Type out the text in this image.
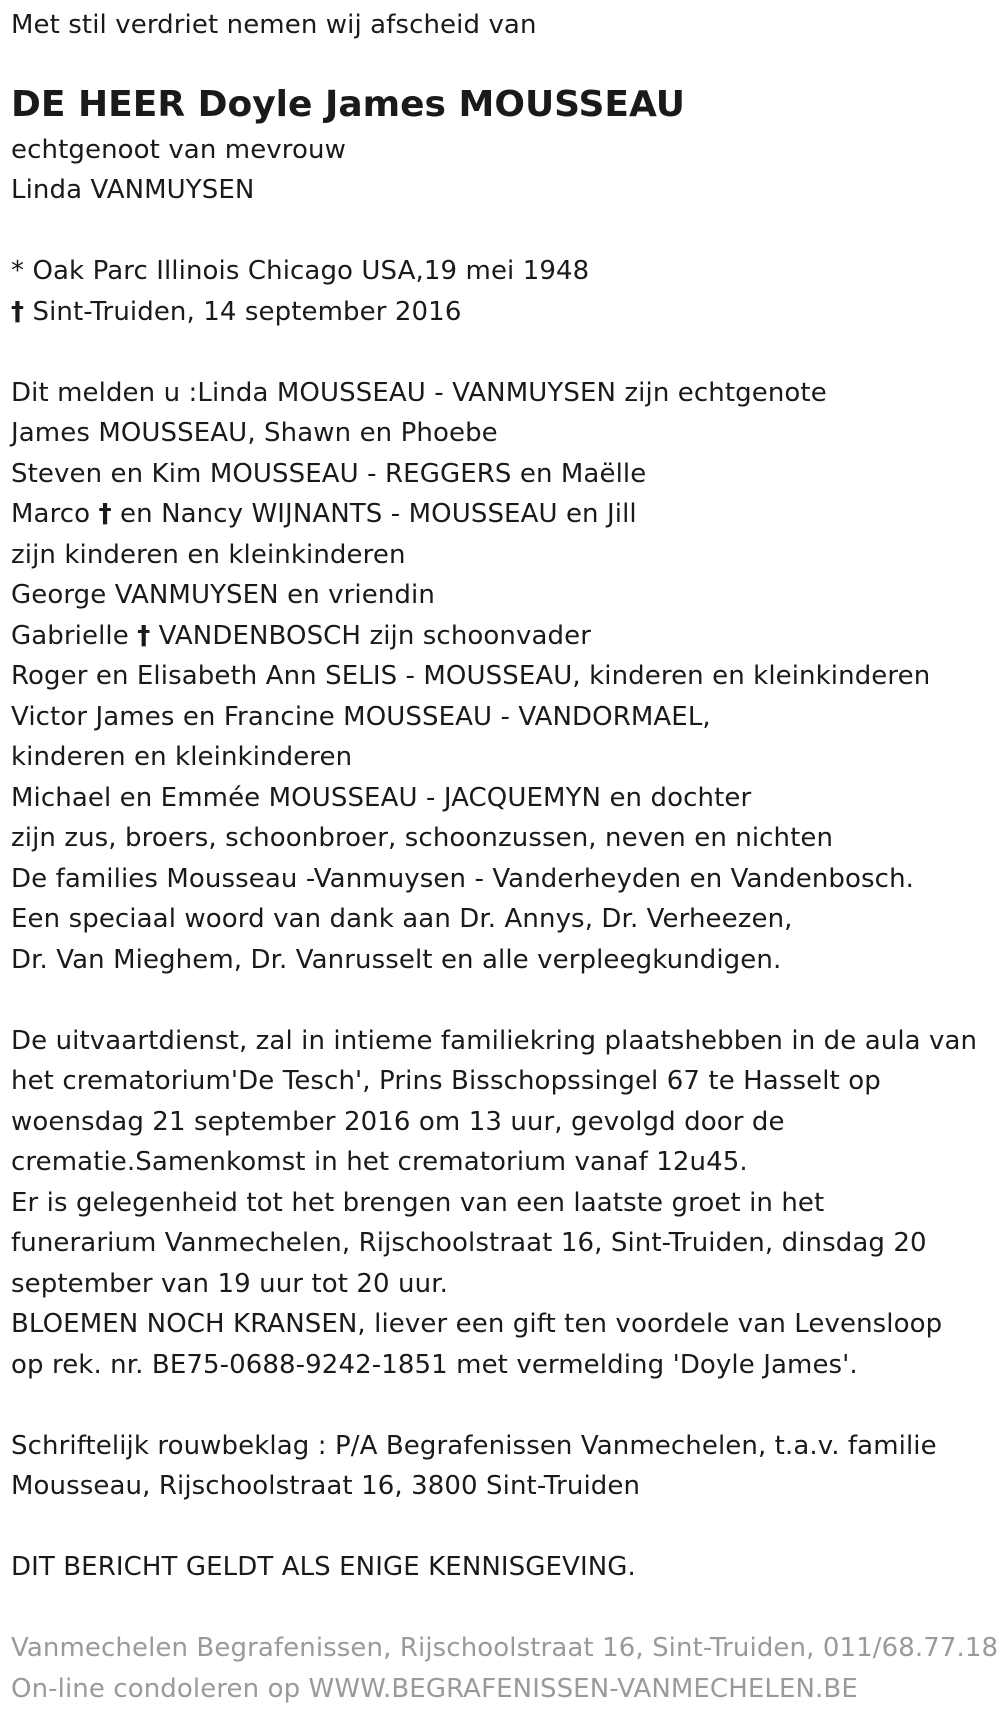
Met stil verdriet nemen wij afscheid van
DE HEER Doyle James MOUSSEAU
echtgenoot van mevrouw
Linda VANMUYSEN
* Oak Parc Illinois Chicago USA,19 mei 1948
† Sint-Truiden, 14 september 2016
Dit melden u :Linda MOUSSEAU - VANMUYSEN zijn echtgenote
James MOUSSEAU, Shawn en Phoebe
Steven en Kim MOUSSEAU - REGGERS en Maëlle
Marco † en Nancy WIJNANTS - MOUSSEAU en Jill
zijn kinderen en kleinkinderen
George VANMUYSEN en vriendin
Gabrielle † VANDENBOSCH zijn schoonvader
Roger en Elisabeth Ann SELIS - MOUSSEAU, kinderen en kleinkinderen
Victor James en Francine MOUSSEAU - VANDORMAEL,
kinderen en kleinkinderen
Michael en Emmée MOUSSEAU - JACQUEMYN en dochter
zijn zus, broers, schoonbroer, schoonzussen, neven en nichten
De families Mousseau -Vanmuysen - Vanderheyden en Vandenbosch.
Een speciaal woord van dank aan Dr. Annys, Dr. Verheezen,
Dr. Van Mieghem, Dr. Vanrusselt en alle verpleegkundigen.
De uitvaartdienst, zal in intieme familiekring plaatshebben in de aula van
het crematorium'De Tesch', Prins Bisschopssingel 67 te Hasselt op
woensdag 21 september 2016 om 13 uur, gevolgd door de
crematie.Samenkomst in het crematorium vanaf 12u45.
Er is gelegenheid tot het brengen van een laatste groet in het
funerarium Vanmechelen, Rijschoolstraat 16, Sint-Truiden, dinsdag 20
september van 19 uur tot 20 uur.
BLOEMEN NOCH KRANSEN, liever een gift ten voordele van Levensloop
op rek. nr. BE75-0688-9242-1851 met vermelding 'Doyle James'.
Schriftelijk rouwbeklag : P/A Begrafenissen Vanmechelen, t.a.v. familie
Mousseau, Rijschoolstraat 16, 3800 Sint-Truiden
DIT BERICHT GELDT ALS ENIGE KENNISGEVING.
Vanmechelen Begrafenissen, Rijschoolstraat 16, Sint-Truiden, 011/68.77.18
On-line condoleren op WWW.BEGRAFENISSEN-VANMECHELEN.BE
